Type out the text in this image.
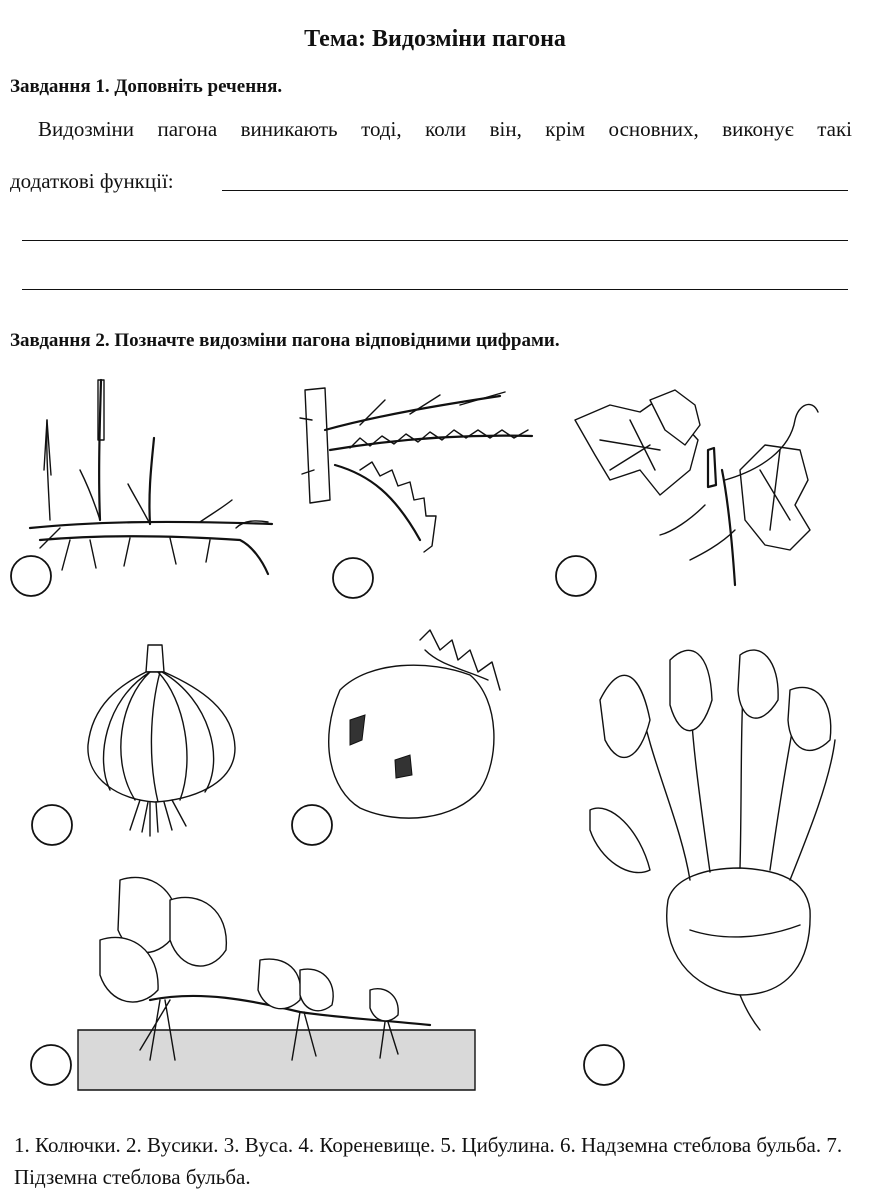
Тема: Видозміни пагона
Завдання 1. Доповніть речення.
Видозміни пагона виникають тоді, коли він, крім основних, виконує такі
додаткові функції:
Завдання 2. Позначте видозміни пагона відповідними цифрами.
1. Колючки. 2. Вусики. 3. Вуса. 4. Кореневище. 5. Цибулина. 6. Надземна стеблова бульба. 7. Підземна стеблова бульба.
